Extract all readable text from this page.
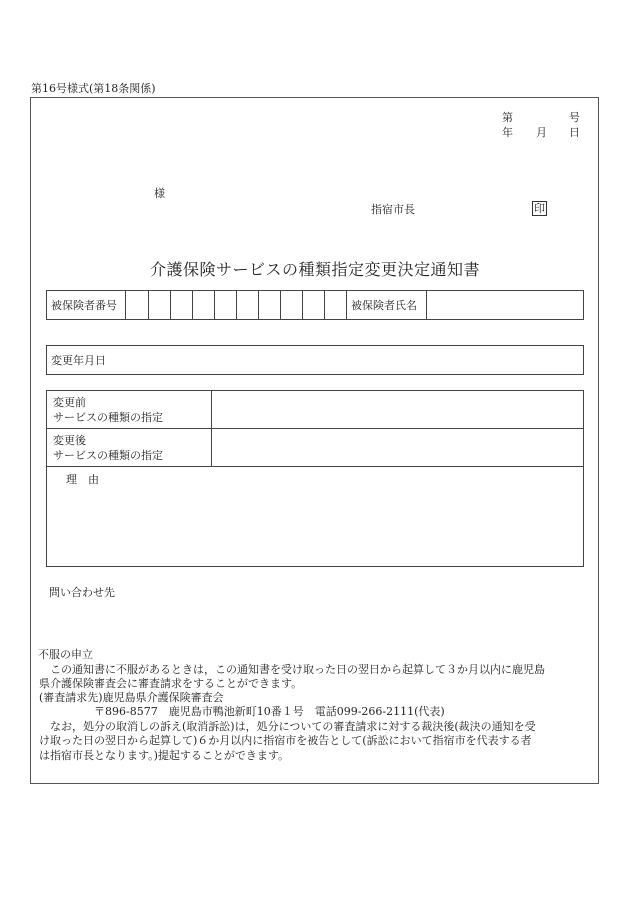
第16号様式(第18条関係)
第	号
年 月 日
様
指宿市長	印
介護保険サービスの種類指定変更決定通知書
被保険者番号	被保険者氏名
変更年月日
変更前
サービスの種類の指定
変更後
サービスの種類の指定
理　由
問い合わせ先
不服の申立
　この通知書に不服があるときは，この通知書を受け取った日の翌日から起算して３か月以内に鹿児島
県介護保険審査会に審査請求をすることができます。
(審査請求先)鹿児島県介護保険審査会
　　　　　〒896-8577　鹿児島市鴨池新町10番１号　電話099-266-2111(代表)
　なお，処分の取消しの訴え(取消訴訟)は，処分についての審査請求に対する裁決後(裁決の通知を受
け取った日の翌日から起算して)６か月以内に指宿市を被告として(訴訟において指宿市を代表する者
は指宿市長となります。)提起することができます。
